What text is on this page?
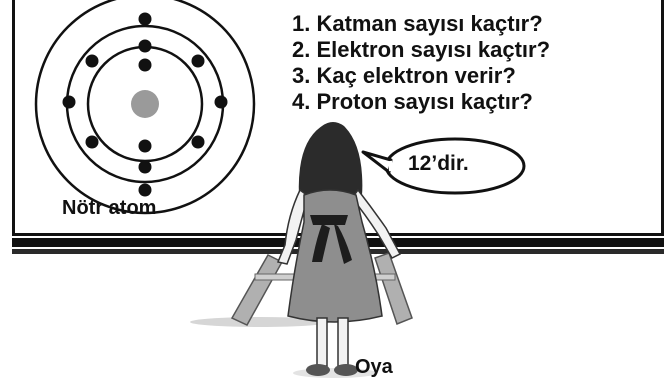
1. Katman sayısı kaçtır?
2. Elektron sayısı kaçtır?
3. Kaç elektron verir?
4. Proton sayısı kaçtır?
Nötr atom
12’dir.
Oya
